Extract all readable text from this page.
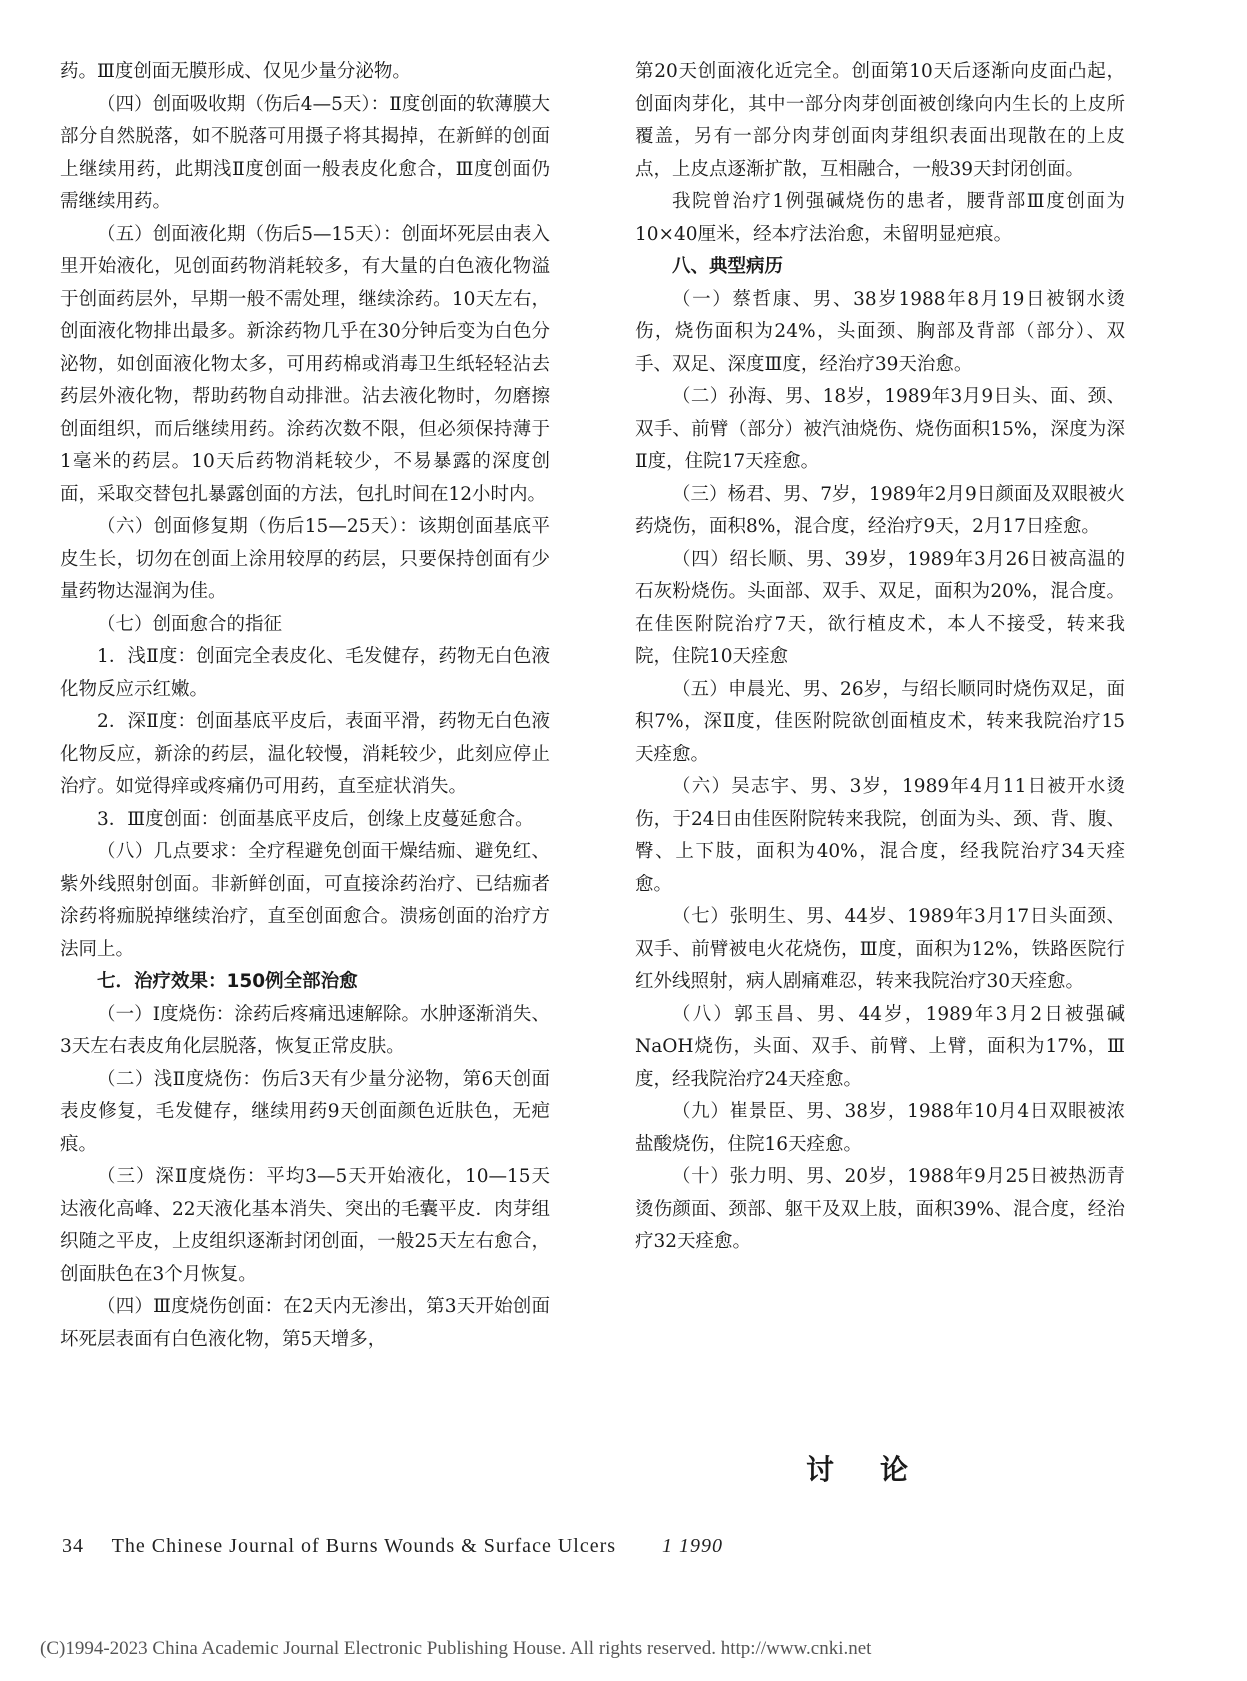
药。Ⅲ度创面无膜形成、仅见少量分泌物。

（四）创面吸收期（伤后4—5天）：Ⅱ度创面的软薄膜大部分自然脱落，如不脱落可用摄子将其揭掉，在新鲜的创面上继续用药，此期浅Ⅱ度创面一般表皮化愈合，Ⅲ度创面仍需继续用药。

（五）创面液化期（伤后5—15天）：创面坏死层由表入里开始液化，见创面药物消耗较多，有大量的白色液化物溢于创面药层外，早期一般不需处理，继续涂药。10天左右，创面液化物排出最多。新涂药物几乎在30分钟后变为白色分泌物，如创面液化物太多，可用药棉或消毒卫生纸轻轻沾去药层外液化物，帮助药物自动排泄。沾去液化物时，勿磨擦创面组织，而后继续用药。涂药次数不限，但必须保持薄于1毫米的药层。10天后药物消耗较少，不易暴露的深度创面，采取交替包扎暴露创面的方法，包扎时间在12小时内。

（六）创面修复期（伤后15—25天）：该期创面基底平皮生长，切勿在创面上涂用较厚的药层，只要保持创面有少量药物达湿润为佳。

（七）创面愈合的指征

1．浅Ⅱ度：创面完全表皮化、毛发健存，药物无白色液化物反应示红嫩。

2．深Ⅱ度：创面基底平皮后，表面平滑，药物无白色液化物反应，新涂的药层，温化较慢，消耗较少，此刻应停止治疗。如觉得痒或疼痛仍可用药，直至症状消失。

3．Ⅲ度创面：创面基底平皮后，创缘上皮蔓延愈合。

（八）几点要求：全疗程避免创面干燥结痂、避免红、紫外线照射创面。非新鲜创面，可直接涂药治疗、已结痂者涂药将痂脱掉继续治疗，直至创面愈合。溃疡创面的治疗方法同上。

七．治疗效果：150例全部治愈

（一）Ⅰ度烧伤：涂药后疼痛迅速解除。水肿逐渐消失、3天左右表皮角化层脱落，恢复正常皮肤。

（二）浅Ⅱ度烧伤：伤后3天有少量分泌物，第6天创面表皮修复，毛发健存，继续用药9天创面颜色近肤色，无疤痕。

（三）深Ⅱ度烧伤：平均3—5天开始液化，10—15天达液化高峰、22天液化基本消失、突出的毛囊平皮．肉芽组织随之平皮，上皮组织逐渐封闭创面，一般25天左右愈合，创面肤色在3个月恢复。

（四）Ⅲ度烧伤创面：在2天内无渗出，第3天开始创面坏死层表面有白色液化物，第5天增多，

第20天创面液化近完全。创面第10天后逐渐向皮面凸起，创面肉芽化，其中一部分肉芽创面被创缘向内生长的上皮所覆盖，另有一部分肉芽创面肉芽组织表面出现散在的上皮点，上皮点逐渐扩散，互相融合，一般39天封闭创面。

我院曾治疗1例强碱烧伤的患者，腰背部Ⅲ度创面为10×40厘米，经本疗法治愈，未留明显疤痕。

八、典型病历

（一）蔡哲康、男、38岁1988年8月19日被钢水烫伤，烧伤面积为24%，头面颈、胸部及背部（部分）、双手、双足、深度Ⅲ度，经治疗39天治愈。

（二）孙海、男、18岁，1989年3月9日头、面、颈、双手、前臂（部分）被汽油烧伤、烧伤面积15%，深度为深Ⅱ度，住院17天痊愈。

（三）杨君、男、7岁，1989年2月9日颜面及双眼被火药烧伤，面积8%，混合度，经治疗9天，2月17日痊愈。

（四）绍长顺、男、39岁，1989年3月26日被高温的石灰粉烧伤。头面部、双手、双足，面积为20%，混合度。在佳医附院治疗7天，欲行植皮术，本人不接受，转来我院，住院10天痊愈

（五）申晨光、男、26岁，与绍长顺同时烧伤双足，面积7%，深Ⅱ度，佳医附院欲创面植皮术，转来我院治疗15天痊愈。

（六）吴志宇、男、3岁，1989年4月11日被开水烫伤，于24日由佳医附院转来我院，创面为头、颈、背、腹、臀、上下肢，面积为40%，混合度，经我院治疗34天痊愈。

（七）张明生、男、44岁、1989年3月17日头面颈、双手、前臂被电火花烧伤，Ⅲ度，面积为12%，铁路医院行红外线照射，病人剧痛难忍，转来我院治疗30天痊愈。

（八）郭玉昌、男、44岁，1989年3月2日被强碱NaOH烧伤，头面、双手、前臂、上臂，面积为17%，Ⅲ度，经我院治疗24天痊愈。

（九）崔景臣、男、38岁，1988年10月4日双眼被浓盐酸烧伤，住院16天痊愈。

（十）张力明、男、20岁，1988年9月25日被热沥青烫伤颜面、颈部、躯干及双上肢，面积39%、混合度，经治疗32天痊愈。

讨论
34 The Chinese Journal of Burns Wounds & Surface Ulcers 1 1990
(C)1994-2023 China Academic Journal Electronic Publishing House. All rights reserved. http://www.cnki.net
